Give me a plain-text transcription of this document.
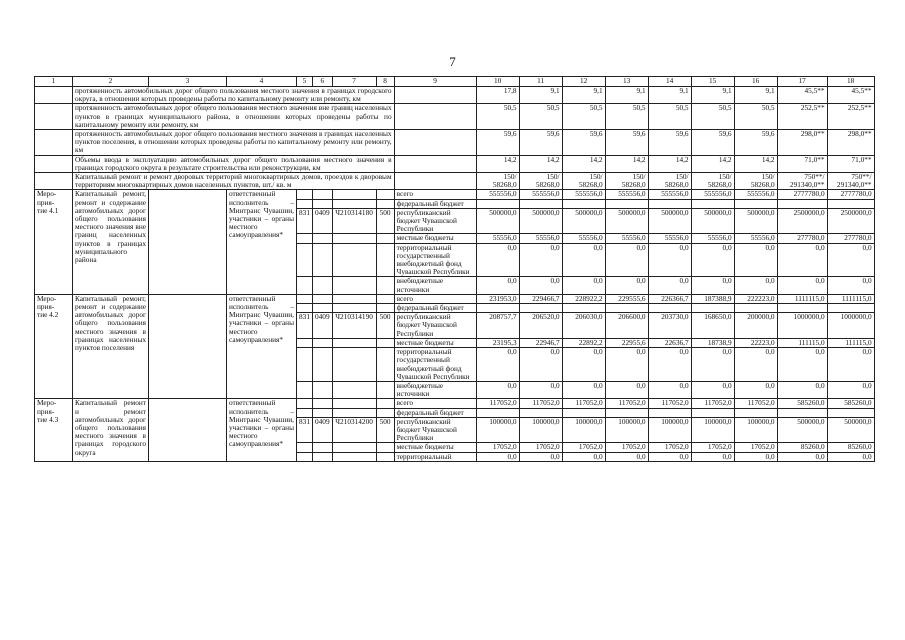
7
1	2	3	4	5	6	7	8	9	10	11	12	13	14	15	16	17	18
	протяженность автомобильных дорог общего пользования местного значения в границах городского округа, в отношении которых проведены работы по капитальному ремонту или ремонту, км								17,8	9,1	9,1	9,1	9,1	9,1	9,1	45,5**	45,5**
	протяженность автомобильных дорог общего пользования местного значения вне границ населенных пунктов в границах муниципального района, в отношении которых проведены работы по капитальному ремонту или ремонту, км								50,5	50,5	50,5	50,5	50,5	50,5	50,5	252,5**	252,5**
	протяженность автомобильных дорог общего пользования местного значения в границах населенных пунктов поселения, в отношении которых проведены работы по капитальному ремонту или ремонту, км								59,6	59,6	59,6	59,6	59,6	59,6	59,6	298,0**	298,0**
	Объемы ввода в эксплуатацию автомобильных дорог общего пользования местного значения в границах городского округа в результате строительства или реконструкции, км								14,2	14,2	14,2	14,2	14,2	14,2	14,2	71,0**	71,0**
	Капитальный ремонт и ремонт дворовых территорий многоквартирных домов, проездов к дворовым территориям многоквартирных домов населенных пунктов, шт./ кв. м								150/ 58268,0	150/ 58268,0	150/ 58268,0	150/ 58268,0	150/ 58268,0	150/ 58268,0	150/ 58268,0	750**/ 291340,0**	750**/ 291340,0**
Меро-
прия-
тие 4.1	Капитальный ремонт, ремонт и содержание автомобильных дорог общего пользования местного значения вне границ населенных пунктов в границах муниципального района		ответственный исполнитель – Минтранс Чувашии, участники – органы местного самоуправления*					всего	555556,0	555556,0	555556,0	555556,0	555556,0	555556,0	555556,0	2777780,0	2777780,0
								федеральный бюджет									
				831	0409	Ч210314180	500	республиканский бюджет Чувашской Республики	500000,0	500000,0	500000,0	500000,0	500000,0	500000,0	500000,0	2500000,0	2500000,0
								местные бюджеты	55556,0	55556,0	55556,0	55556,0	55556,0	55556,0	55556,0	277780,0	277780,0
								территориальный государственный внебюджетный фонд Чувашской Республики	0,0	0,0	0,0	0,0	0,0	0,0	0,0	0,0	0,0
								внебюджетные источники	0,0	0,0	0,0	0,0	0,0	0,0	0,0	0,0	0,0
Меро-
прия-
тие 4.2	Капитальный ремонт, ремонт и содержание автомобильных дорог общего пользования местного значения в границах населенных пунктов поселения		ответственный исполнитель – Минтранс Чувашии, участники – органы местного самоуправления*					всего	231953,0	229466,7	228922,2	229555,6	226366,7	187388,9	222223,0	1111115,0	1111115,0
								федеральный бюджет									
				831	0409	Ч210314190	500	республиканский бюджет Чувашской Республики	208757,7	206520,0	206030,0	206600,0	203730,0	168650,0	200000,0	1000000,0	1000000,0
								местные бюджеты	23195,3	22946,7	22892,2	22955,6	22636,7	18738,9	22223,0	111115,0	111115,0
								территориальный государственный внебюджетный фонд Чувашской Республики	0,0	0,0	0,0	0,0	0,0	0,0	0,0	0,0	0,0
								внебюджетные источники	0,0	0,0	0,0	0,0	0,0	0,0	0,0	0,0	0,0
Меро-
прия-
тие 4.3	Капитальный ремонт и ремонт автомобильных дорог общего пользования местного значения в границах городского округа		ответственный исполнитель – Минтранс Чувашии, участники – органы местного самоуправления*					всего	117052,0	117052,0	117052,0	117052,0	117052,0	117052,0	117052,0	585260,0	585260,0
								федеральный бюджет									
				831	0409	Ч210314200	500	республиканский бюджет Чувашской Республики	100000,0	100000,0	100000,0	100000,0	100000,0	100000,0	100000,0	500000,0	500000,0
								местные бюджеты	17052,0	17052,0	17052,0	17052,0	17052,0	17052,0	17052,0	85260,0	85260,0
								территориальный	0,0	0,0	0,0	0,0	0,0	0,0	0,0	0,0	0,0
